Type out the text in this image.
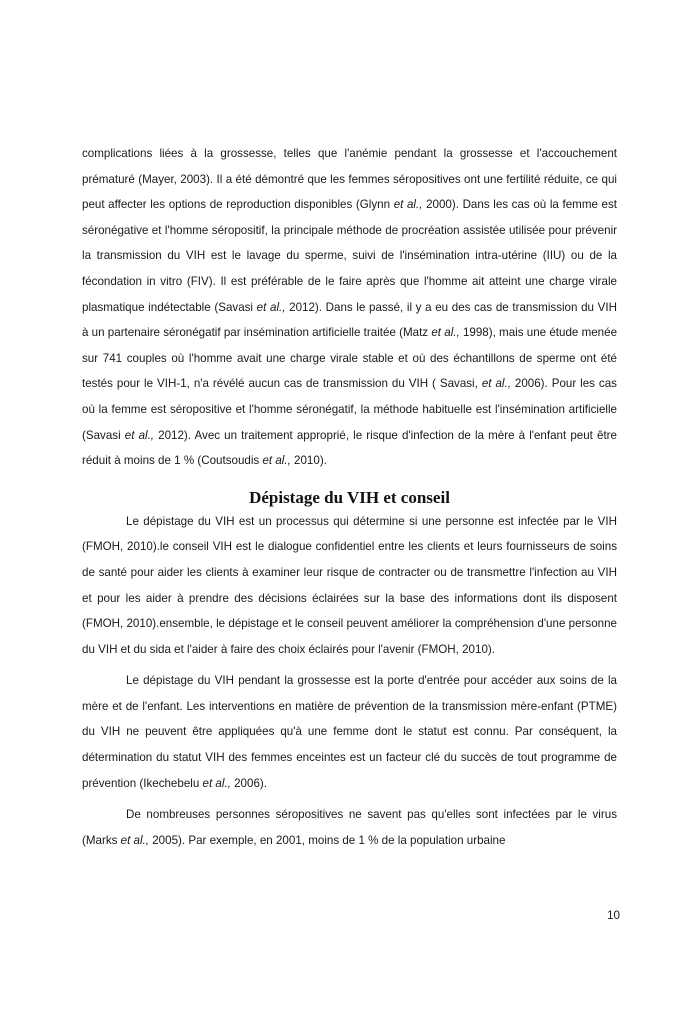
complications liées à la grossesse, telles que l'anémie pendant la grossesse et l'accouchement prématuré (Mayer, 2003). Il a été démontré que les femmes séropositives ont une fertilité réduite, ce qui peut affecter les options de reproduction disponibles (Glynn et al., 2000). Dans les cas où la femme est séronégative et l'homme séropositif, la principale méthode de procréation assistée utilisée pour prévenir la transmission du VIH est le lavage du sperme, suivi de l'insémination intra-utérine (IIU) ou de la fécondation in vitro (FIV). Il est préférable de le faire après que l'homme ait atteint une charge virale plasmatique indétectable (Savasi et al., 2012). Dans le passé, il y a eu des cas de transmission du VIH à un partenaire séronégatif par insémination artificielle traitée (Matz et al., 1998), mais une étude menée sur 741 couples où l'homme avait une charge virale stable et où des échantillons de sperme ont été testés pour le VIH-1, n'a révélé aucun cas de transmission du VIH ( Savasi, et al., 2006). Pour les cas où la femme est séropositive et l'homme séronégatif, la méthode habituelle est l'insémination artificielle (Savasi et al., 2012). Avec un traitement approprié, le risque d'infection de la mère à l'enfant peut être réduit à moins de 1 % (Coutsoudis et al., 2010).

Dépistage du VIH et conseil

Le dépistage du VIH est un processus qui détermine si une personne est infectée par le VIH (FMOH, 2010).le conseil VIH est le dialogue confidentiel entre les clients et leurs fournisseurs de soins de santé pour aider les clients à examiner leur risque de contracter ou de transmettre l'infection au VIH et pour les aider à prendre des décisions éclairées sur la base des informations dont ils disposent (FMOH, 2010).ensemble, le dépistage et le conseil peuvent améliorer la compréhension d'une personne du VIH et du sida et l'aider à faire des choix éclairés pour l'avenir (FMOH, 2010).

Le dépistage du VIH pendant la grossesse est la porte d'entrée pour accéder aux soins de la mère et de l'enfant. Les interventions en matière de prévention de la transmission mère-enfant (PTME) du VIH ne peuvent être appliquées qu'à une femme dont le statut est connu. Par conséquent, la détermination du statut VIH des femmes enceintes est un facteur clé du succès de tout programme de prévention (Ikechebelu et al., 2006).

De nombreuses personnes séropositives ne savent pas qu'elles sont infectées par le virus (Marks et al., 2005). Par exemple, en 2001, moins de 1 % de la population urbaine

10
